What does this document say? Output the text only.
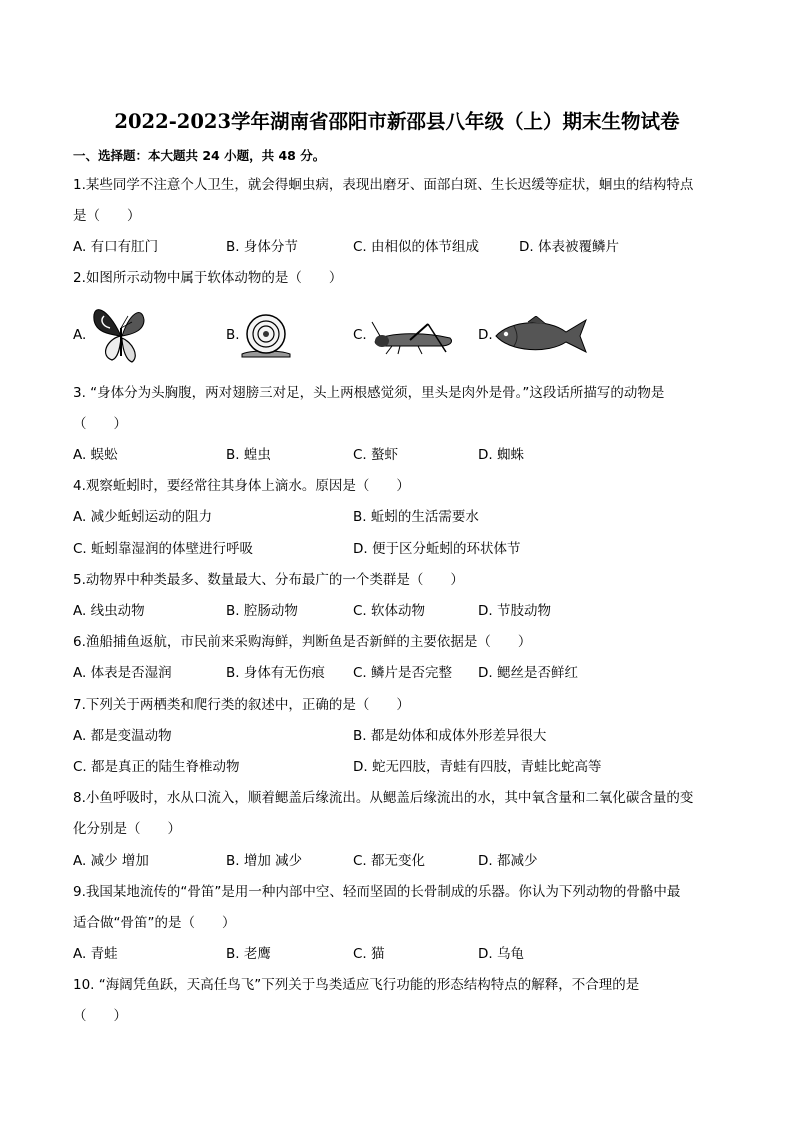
2022-2023学年湖南省邵阳市新邵县八年级（上）期末生物试卷
一、选择题：本大题共 24 小题，共 48 分。
1.某些同学不注意个人卫生，就会得蛔虫病，表现出磨牙、面部白斑、生长迟缓等症状，蛔虫的结构特点
是（　　）
A. 有口有肛门	B. 身体分节	C. 由相似的体节组成	D. 体表被覆鳞片
2.如图所示动物中属于软体动物的是（　　）
A.	B.	C.	D.
3. “身体分为头胸腹，两对翅膀三对足，头上两根感觉须，里头是肉外是骨。”这段话所描写的动物是
（　　）
A. 蜈蚣	B. 蝗虫	C. 螯虾	D. 蜘蛛
4.观察蚯蚓时，要经常往其身体上滴水。原因是（　　）
A. 减少蚯蚓运动的阻力	B. 蚯蚓的生活需要水
C. 蚯蚓靠湿润的体壁进行呼吸	D. 便于区分蚯蚓的环状体节
5.动物界中种类最多、数量最大、分布最广的一个类群是（　　）
A. 线虫动物	B. 腔肠动物	C. 软体动物	D. 节肢动物
6.渔船捕鱼返航，市民前来采购海鲜，判断鱼是否新鲜的主要依据是（　　）
A. 体表是否湿润	B. 身体有无伤痕 C. 鳞片是否完整 D. 鳃丝是否鲜红
7.下列关于两栖类和爬行类的叙述中，正确的是（　　）
A. 都是变温动物	B. 都是幼体和成体外形差异很大
C. 都是真正的陆生脊椎动物	D. 蛇无四肢，青蛙有四肢，青蛙比蛇高等
8.小鱼呼吸时，水从口流入，顺着鳃盖后缘流出。从鳃盖后缘流出的水，其中氧含量和二氧化碳含量的变
化分别是（　　）
A. 减少 增加	B. 增加 减少	C. 都无变化	D. 都减少
9.我国某地流传的“骨笛”是用一种内部中空、轻而坚固的长骨制成的乐器。你认为下列动物的骨骼中最
适合做“骨笛”的是（　　）
A. 青蛙	B. 老鹰	C. 猫	D. 乌龟
10. “海阔凭鱼跃，天高任鸟飞”下列关于鸟类适应飞行功能的形态结构特点的解释，不合理的是
（　　）
